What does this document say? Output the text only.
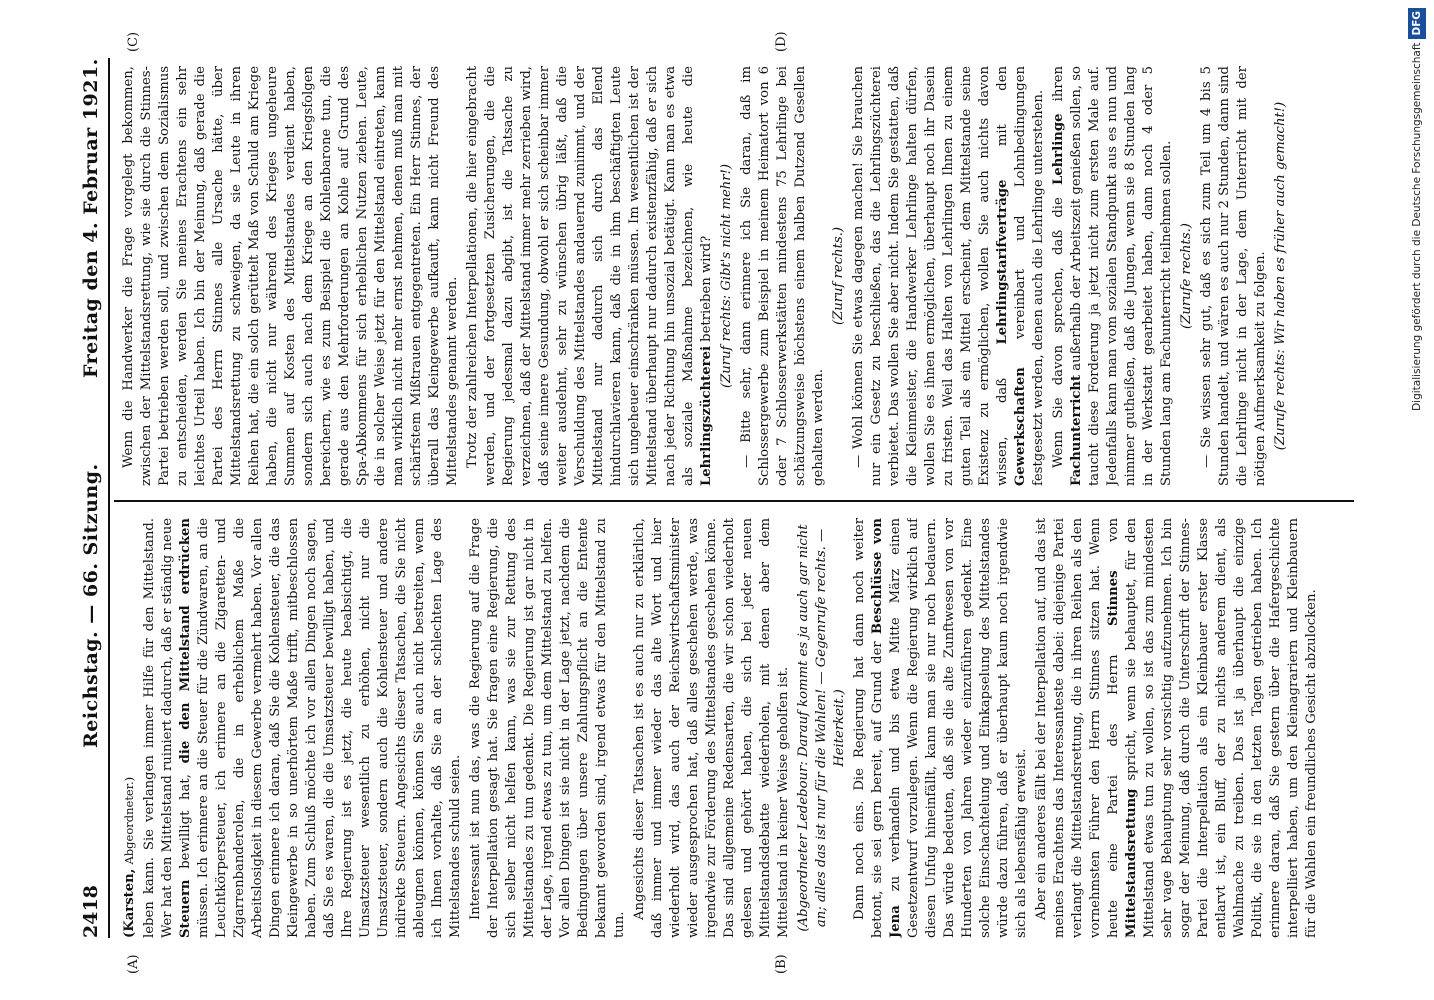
2418
Reichstag. — 66. Sitzung.
Freitag den 4. Februar 1921.
(A)	(B)
(C)	(D)

(Karsten, Abgeordneter.) leben kann. Sie verlangen immer Hilfe für den Mittelstand. Wer hat den Mittelstand ruiniert dadurch, daß er ständig neue Steuern bewilligt hat, die den Mittelstand erdrücken müssen. Ich erinnere an die Steuer für die Zündwaren, an die Leuchtkörpersteuer, ich erinnere an die Zigaretten- und Zigarrenbanderolen, die in erheblichem Maße die Arbeitslosigkeit in diesem Gewerbe vermehrt haben. Vor allen Dingen erinnere ich daran, daß Sie die Kohlensteuer, die das Kleingewerbe in so unerhörtem Maße trifft, mitbeschlossen haben. Zum Schluß möchte ich vor allen Dingen noch sagen, daß Sie es waren, die die Umsatzsteuer bewilligt haben, und Ihre Regierung ist es jetzt, die heute beabsichtigt, die Umsatzsteuer wesentlich zu erhöhen, nicht nur die Umsatzsteuer, sondern auch die Kohlensteuer und andere indirekte Steuern. Angesichts dieser Tatsachen, die Sie nicht ableugnen können, können Sie auch nicht bestreiten, wenn ich Ihnen vorhalte, daß Sie an der schlechten Lage des Mittelstandes schuld seien. Interessant ist nun das, was die Regierung auf die Frage der Interpellation gesagt hat. Sie fragen eine Regierung, die sich selber nicht helfen kann, was sie zur Rettung des Mittelstandes zu tun gedenkt. Die Regierung ist gar nicht in der Lage, irgend etwas zu tun, um dem Mittelstand zu helfen. Vor allen Dingen ist sie nicht in der Lage jetzt, nachdem die Bedingungen über unsere Zahlungspflicht an die Entente bekannt geworden sind, irgend etwas für den Mittelstand zu tun.

Angesichts dieser Tatsachen ist es auch nur zu erklärlich, daß immer und immer wieder das alte Wort und hier wiederholt wird, das auch der Reichswirtschaftsminister wieder ausgesprochen hat, daß alles geschehen werde, was irgendwie zur Förderung des Mittelstandes geschehen könne. Das sind allgemeine Redensarten, die wir schon wiederholt gelesen und gehört haben, die sich bei jeder neuen Mittelstandsdebatte wiederholen, mit denen aber dem Mittelstand in keiner Weise geholfen ist. (Abgeordneter Ledebour: Darauf kommt es ja auch gar nicht an; alles das ist nur für die Wahlen! — Gegenrufe rechts. — Heiterkeit.) Dann noch eins. Die Regierung hat dann noch weiter betont, sie sei gern bereit, auf Grund der Beschlüsse von Jena zu verhandeln und bis etwa Mitte März einen Gesetzentwurf vorzulegen. Wenn die Regierung wirklich auf diesen Unfug hineinfällt, kann man sie nur noch bedauern. Das würde bedeuten, daß sie die alte Zunftwesen von vor Hunderten von Jahren wieder einzuführen gedenkt. Eine solche Einschachtelung und Einkapselung des Mittelstandes würde dazu führen, daß er überhaupt kaum noch irgendwie sich als lebensfähig erweist. Aber ein anderes fällt bei der Interpellation auf, und das ist meines Erachtens das Interessanteste dabei: diejenige Partei verlangt die Mittelstandsrettung, die in ihren Reihen als den vornehmsten Führer den Herrn Stinnes sitzen hat. Wenn heute eine Partei des Herrn Stinnes von Mittelstandsrettung spricht, wenn sie behauptet, für den Mittelstand etwas tun zu wollen, so ist das zum mindesten sehr vage Behauptung sehr vorsichtig aufzunehmen. Ich bin sogar der Meinung, daß durch die Unterschrift der Stinnes-Partei die Interpellation als ein Kleinbauer erster Klasse entlarvt ist, ein Bluff, der zu nichts anderem dient, als Wahlmache zu treiben. Das ist ja überhaupt die einzige Politik, die sie in den letzten Tagen getrieben haben. Ich erinnere daran, daß Sie gestern über die Hafergeschichte interpelliert haben, um den Kleinagrariern und Kleinbauern für die Wahlen ein freundliches Gesicht abzulocken.

Wenn die Handwerker die Frage vorgelegt bekommen, zwischen der Mittelstandsrettung, wie sie durch die Stinnes-Partei betrieben werden soll, und zwischen dem Sozialismus zu entscheiden, werden Sie meines Erachtens ein sehr leichtes Urteil haben. Ich bin der Meinung, daß gerade die Partei des Herrn Stinnes alle Ursache hätte, über Mittelstandsrettung zu schweigen, da sie Leute in ihren Reihen hat, die ein solch gerüttelt Maß von Schuld am Kriege haben, die nicht nur während des Krieges ungeheure Summen auf Kosten des Mittelstandes verdient haben, sondern sich auch nach dem Kriege an den Kriegsfolgen bereichern, wie es zum Beispiel die Kohlenbarone tun, die gerade aus den Mehrforderungen an Kohle auf Grund des Spa-Abkommens für sich erheblichen Nutzen ziehen. Leute, die in solcher Weise jetzt für den Mittelstand eintreten, kann man wirklich nicht mehr ernst nehmen, denen muß man mit schärfstem Mißtrauen entgegentreten. Ein Herr Stinnes, der überall das Kleingewerbe aufkauft, kann nicht Freund des Mittelstandes genannt werden. Trotz der zahlreichen Interpellationen, die hier eingebracht werden, und der fortgesetzten Zusicherungen, die die Regierung jedesmal dazu abgibt, ist die Tatsache zu verzeichnen, daß der Mittelstand immer mehr zerrieben wird, daß seine innere Gesundung, obwohl er sich scheinbar immer weiter ausdehnt, sehr zu wünschen übrig läßt, daß die Verschuldung des Mittelstandes andauernd zunimmt, und der Mittelstand nur dadurch sich durch das Elend hindurchlavieren kann, daß die in ihm beschäftigten Leute sich ungeheuer einschränken müssen. Im wesentlichen ist der Mittelstand überhaupt nur dadurch existenzfähig, daß er sich nach jeder Richtung hin unsozial betätigt. Kann man es etwa als soziale Maßnahme bezeichnen, wie heute die Lehrlingszüchterei betrieben wird? (Zuruf rechts: Gibt's nicht mehr!) — Bitte sehr, dann erinnere ich Sie daran, daß im Schlossergewerbe zum Beispiel in meinem Heimatort von 6 oder 7 Schlosserwerkstätten mindestens 75 Lehrlinge bei schätzungsweise höchstens einem halben Dutzend Gesellen gehalten werden.

(Zuruf rechts.) — Wohl können Sie etwas dagegen machen! Sie brauchen nur ein Gesetz zu beschließen, das die Lehrlingszüchterei verbietet. Das wollen Sie aber nicht. Indem Sie gestatten, daß die Kleinmeister, die Handwerker Lehrlinge halten dürfen, wollen Sie es ihnen ermöglichen, überhaupt noch ihr Dasein zu fristen. Weil das Halten von Lehrlingen Ihnen zu einem guten Teil als ein Mittel erscheint, dem Mittelstande seine Existenz zu ermöglichen, wollen Sie auch nichts davon wissen, daß Lehrlingstarifverträge mit den Gewerkschaften vereinbart und Lohnbedingungen festgesetzt werden, denen auch die Lehrlinge unterstehen. Wenn Sie davon sprechen, daß die Lehrlinge ihren Fachunterricht außerhalb der Arbeitszeit genießen sollen, so taucht diese Forderung ja jetzt nicht zum ersten Male auf. Jedenfalls kann man vom sozialen Standpunkt aus es nun und nimmer gutheißen, daß die Jungen, wenn sie 8 Stunden lang in der Werkstatt gearbeitet haben, dann noch 4 oder 5 Stunden lang am Fachunterricht teilnehmen sollen. (Zurufe rechts.) — Sie wissen sehr gut, daß es sich zum Teil um 4 bis 5 Stunden handelt, und wären es auch nur 2 Stunden, dann sind die Lehrlinge nicht in der Lage, dem Unterricht mit der nötigen Aufmerksamkeit zu folgen. (Zurufe rechts: Wir haben es früher auch gemacht!)	Digitalisierung gefördert durch die Deutsche ForschungsgemeinschaftDFG
